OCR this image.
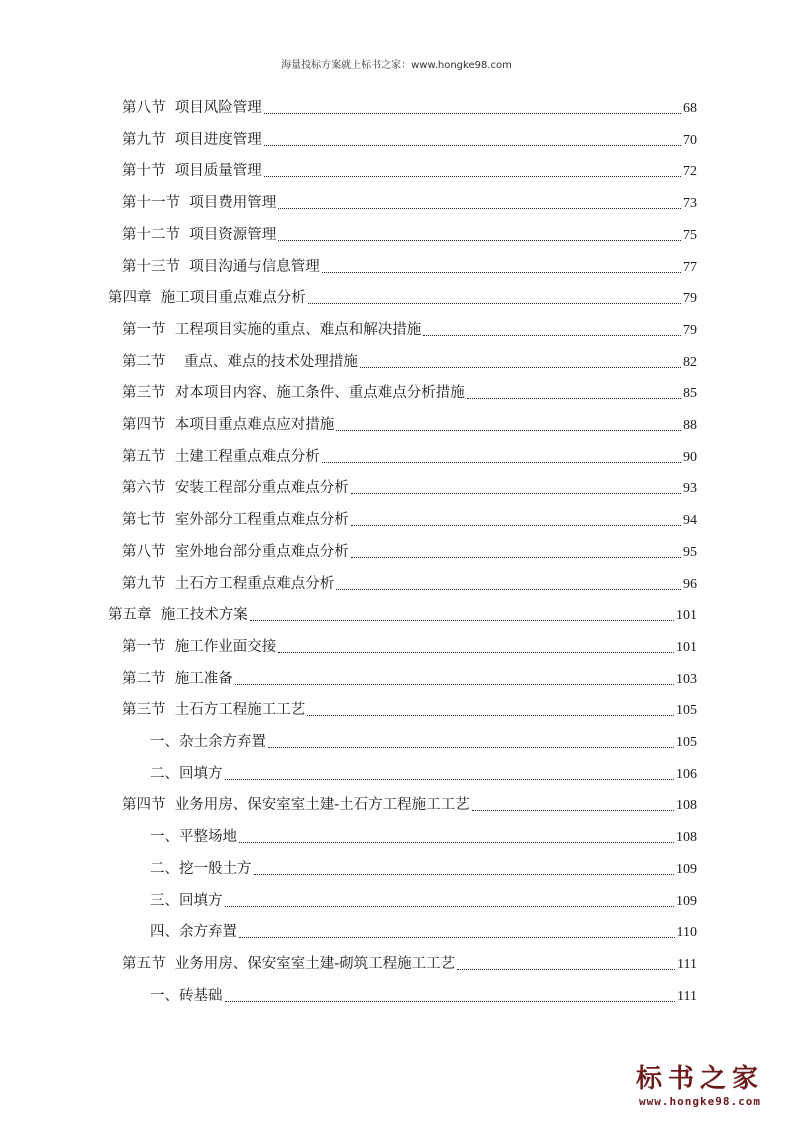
海量投标方案就上标书之家：www.hongke98.com
第八节  项目风险管理	68
第九节  项目进度管理	70
第十节  项目质量管理	72
第十一节  项目费用管理	73
第十二节  项目资源管理	75
第十三节  项目沟通与信息管理	77
第四章  施工项目重点难点分析	79
第一节  工程项目实施的重点、难点和解决措施	79
第二节    重点、难点的技术处理措施	82
第三节  对本项目内容、施工条件、重点难点分析措施	85
第四节  本项目重点难点应对措施	88
第五节  土建工程重点难点分析	90
第六节  安装工程部分重点难点分析	93
第七节  室外部分工程重点难点分析	94
第八节  室外地台部分重点难点分析	95
第九节  土石方工程重点难点分析	96
第五章  施工技术方案	101
第一节  施工作业面交接	101
第二节  施工准备	103
第三节  土石方工程施工工艺	105
一、杂土余方弃置	105
二、回填方	106
第四节  业务用房、保安室室土建-土石方工程施工工艺	108
一、平整场地	108
二、挖一般土方	109
三、回填方	109
四、余方弃置	110
第五节  业务用房、保安室室土建-砌筑工程施工工艺	111
一、砖基础	111
标书之家
www.hongke98.com
